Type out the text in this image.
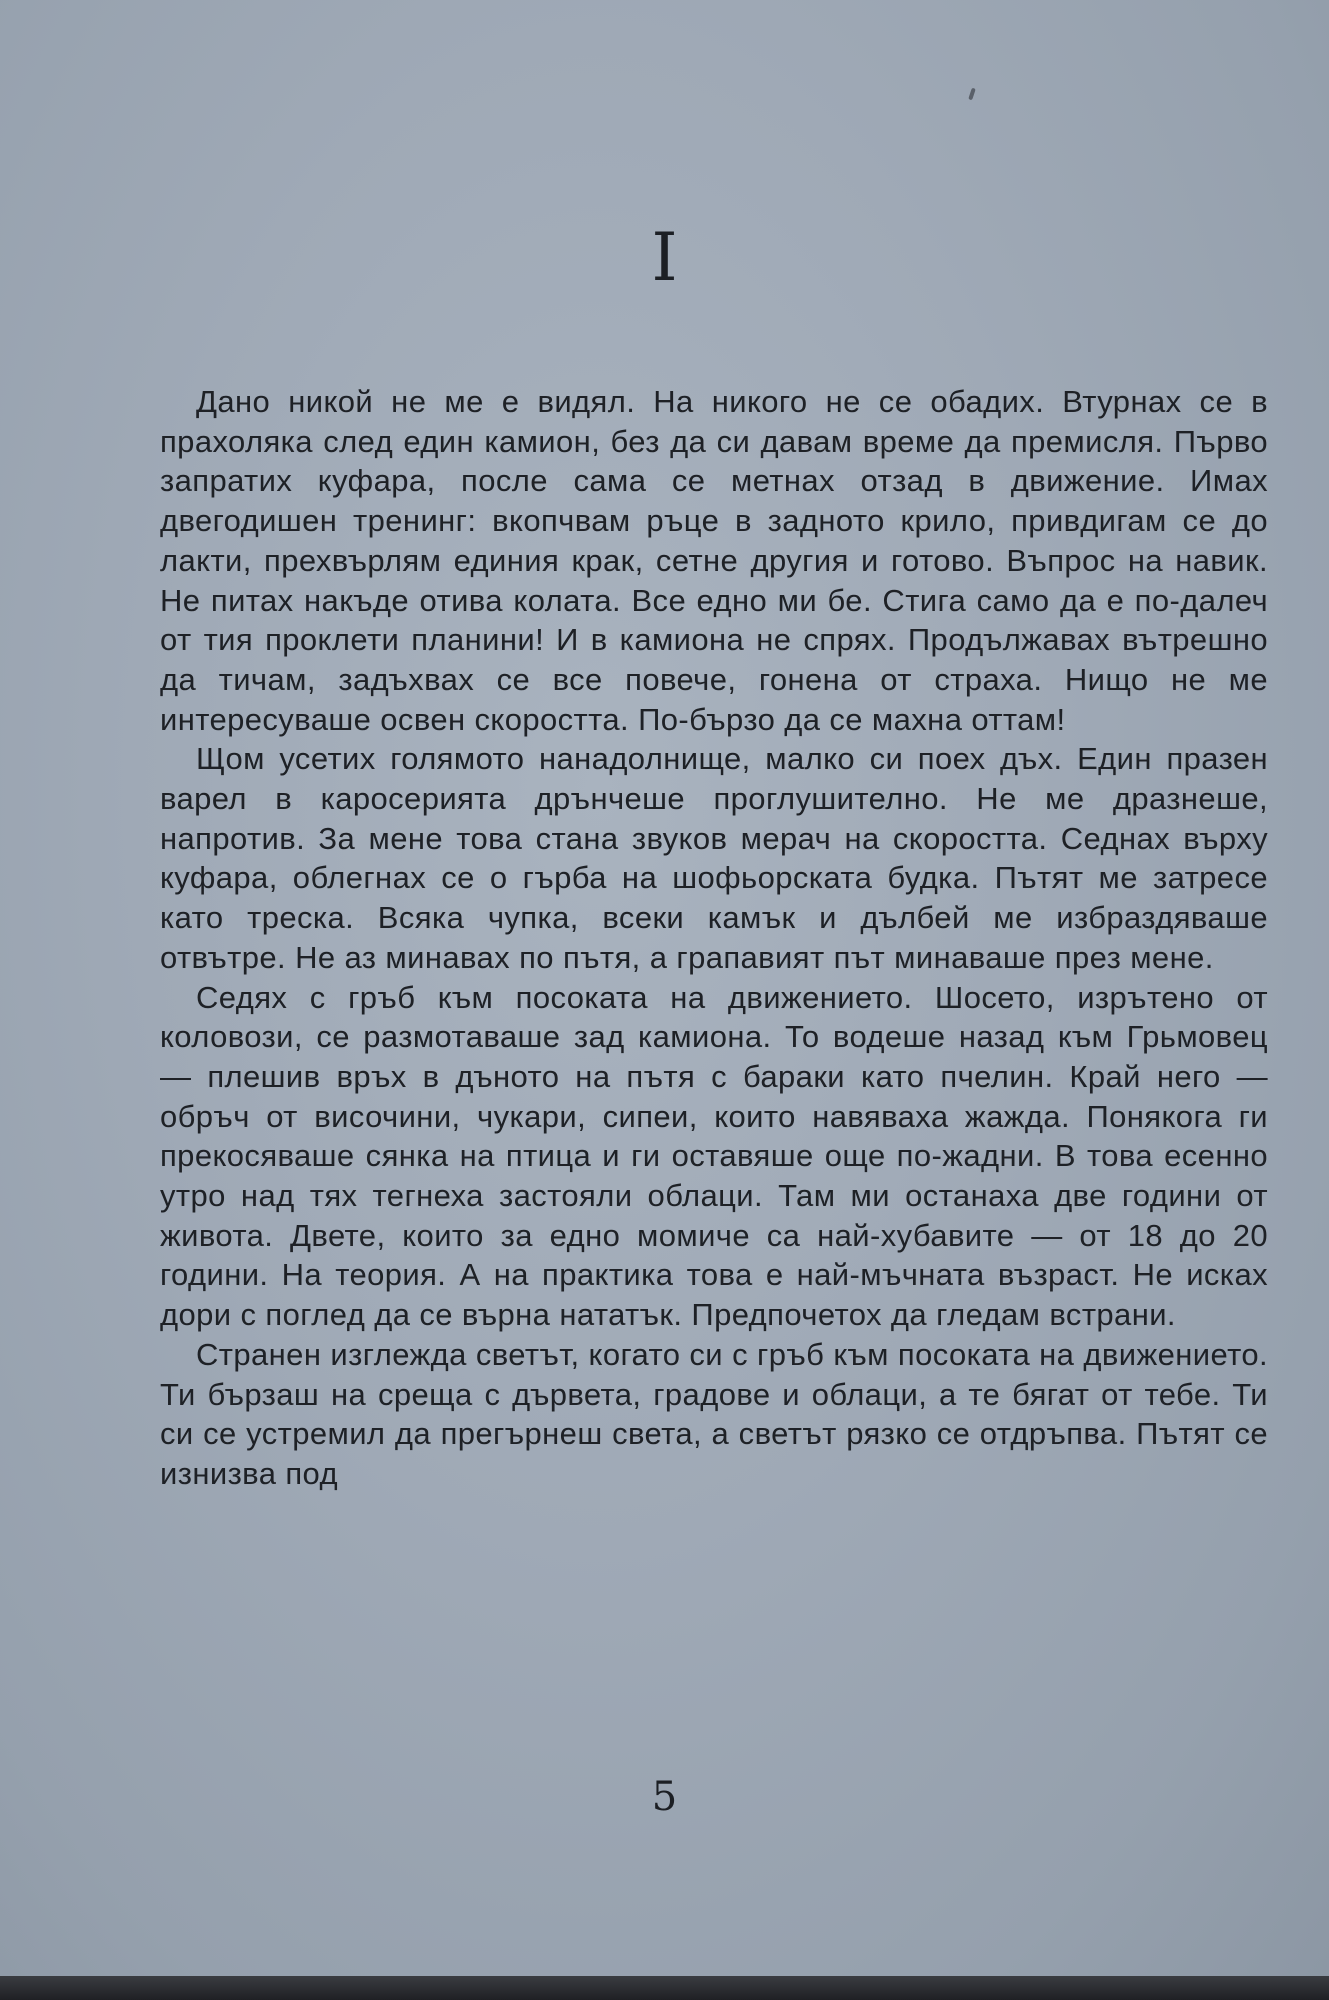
I

Дано никой не ме е видял. На никого не се обадих. Втурнах се в прахоляка след един камион, без да си давам време да премисля. Първо запратих куфара, после сама се метнах отзад в движение. Имах двегодишен тренинг: вкопчвам ръце в задното крило, привдигам се до лакти, прехвърлям единия крак, сетне другия и готово. Въпрос на навик. Не питах накъде отива колата. Все едно ми бе. Стига само да е по-далеч от тия проклети планини! И в камиона не спрях. Продължавах вътрешно да тичам, задъхвах се все повече, гонена от страха. Нищо не ме интересуваше освен скоростта. По-бързо да се махна оттам!

Щом усетих голямото нанадолнище, малко си поех дъх. Един празен варел в каросерията дрънчеше проглушително. Не ме дразнеше, напротив. За мене това стана звуков мерач на скоростта. Седнах върху куфара, облегнах се о гърба на шофьорската будка. Пътят ме затресе като треска. Всяка чупка, всеки камък и дълбей ме избраздяваше отвътре. Не аз минавах по пътя, а грапавият път минаваше през мене.

Седях с гръб към посоката на движението. Шосето, изрътено от коловози, се размотаваше зад камиона. То водеше назад към Грьмовец — плешив връх в дъното на пътя с бараки като пчелин. Край него — обръч от височини, чукари, сипеи, които навяваха жажда. Понякога ги прекосяваше сянка на птица и ги оставяше още по-жадни. В това есенно утро над тях тегнеха застояли облаци. Там ми останаха две години от живота. Двете, които за едно момиче са най-хубавите — от 18 до 20 години. На теория. А на практика това е най-мъчната възраст. Не исках дори с поглед да се върна нататък. Предпочетох да гледам встрани.

Странен изглежда светът, когато си с гръб към посоката на движението. Ти бързаш на среща с дървета, градове и облаци, а те бягат от тебе. Ти си се устремил да прегърнеш света, а светът рязко се отдръпва. Пътят се изнизва под

5
